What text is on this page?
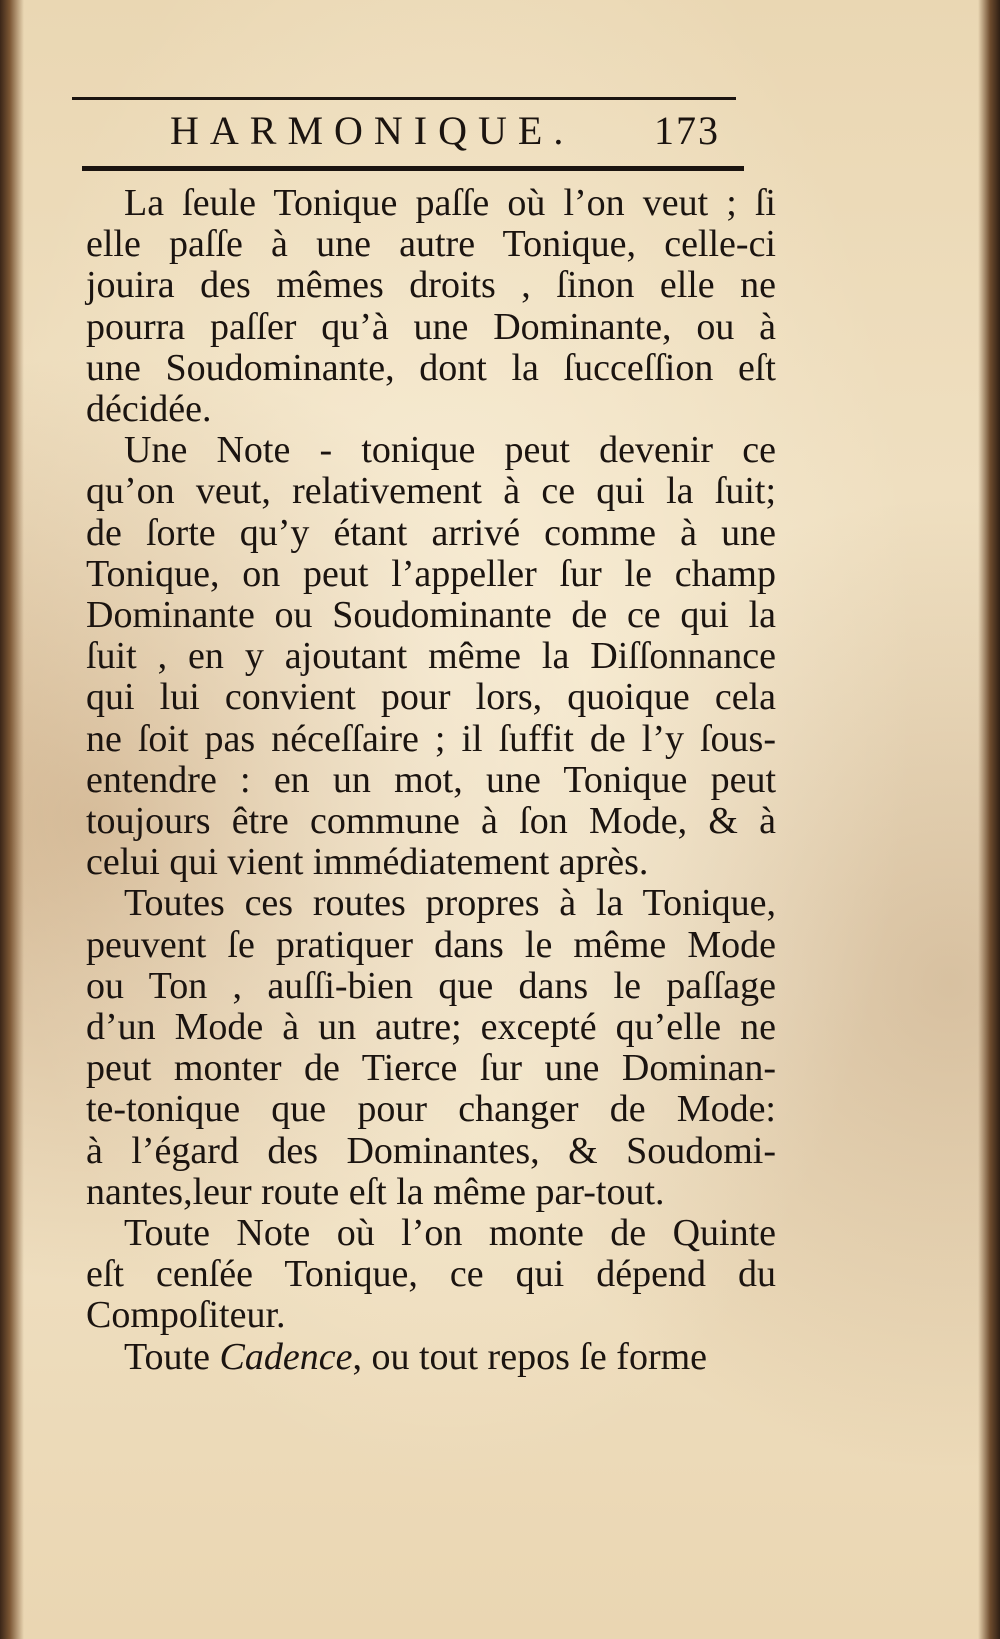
HARMONIQUE. 173
La ſeule Tonique paſſe où l’on veut ; ſi
elle paſſe à une autre Tonique, celle-ci
jouira des mêmes droits , ſinon elle ne
pourra paſſer qu’à une Dominante, ou à
une Soudominante, dont la ſucceſſion eſt
décidée.
Une Note - tonique peut devenir ce
qu’on veut, relativement à ce qui la ſuit;
de ſorte qu’y étant arrivé comme à une
Tonique, on peut l’appeller ſur le champ
Dominante ou Soudominante de ce qui la
ſuit , en y ajoutant même la Diſſonnance
qui lui convient pour lors, quoique cela
ne ſoit pas néceſſaire ; il ſuffit de l’y ſous-
entendre : en un mot, une Tonique peut
toujours être commune à ſon Mode, & à
celui qui vient immédiatement après.
Toutes ces routes propres à la Tonique,
peuvent ſe pratiquer dans le même Mode
ou Ton , auſſi-bien que dans le paſſage
d’un Mode à un autre; excepté qu’elle ne
peut monter de Tierce ſur une Dominan-
te-tonique que pour changer de Mode:
à l’égard des Dominantes, & Soudomi-
nantes,leur route eſt la même par-tout.
Toute Note où l’on monte de Quinte
eſt cenſée Tonique, ce qui dépend du
Compoſiteur.
Toute Cadence, ou tout repos ſe forme
